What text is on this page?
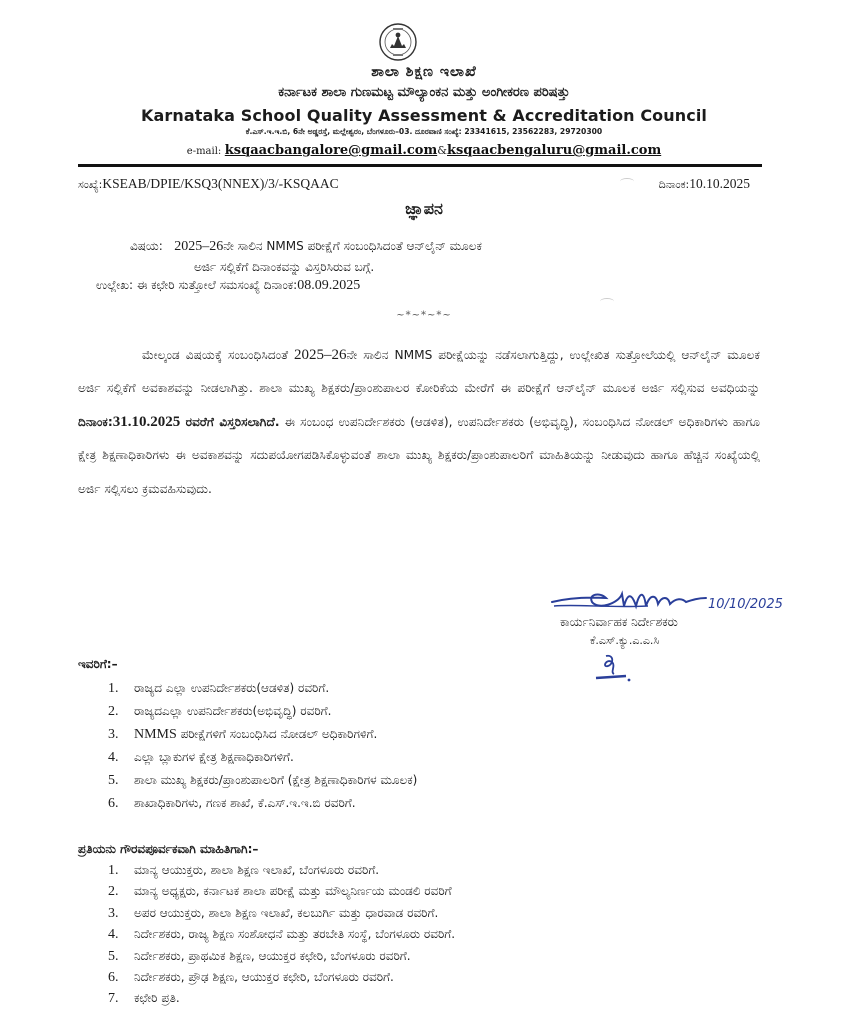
ಶಾಲಾ ಶಿಕ್ಷಣ ಇಲಾಖೆ
ಕರ್ನಾಟಕ ಶಾಲಾ ಗುಣಮಟ್ಟ ಮೌಲ್ಯಾಂಕನ ಮತ್ತು ಅಂಗೀಕರಣ ಪರಿಷತ್ತು
Karnataka School Quality Assessment & Accreditation Council
ಕೆ.ಎಸ್.ಇ.ಇ.ಬಿ, 6ನೇ ಅಡ್ಡರಸ್ತೆ, ಮಲ್ಲೇಶ್ವರಂ, ಬೆಂಗಳೂರು–03. ದೂರವಾಣಿ ಸಂಖ್ಯೆ: 23341615, 23562283, 29720300
e-mail: ksqaacbangalore@gmail.com&ksqaacbengaluru@gmail.com
ಸಂಖ್ಯೆ:KSEAB/DPIE/KSQ3(NNEX)/3/-KSQAAC	ದಿನಾಂಕ:10.10.2025
ಜ್ಞಾಪನ
ವಿಷಯ: 2025–26ನೇ ಸಾಲಿನ NMMS ಪರೀಕ್ಷೆಗೆ ಸಂಬಂಧಿಸಿದಂತೆ ಆನ್‌ಲೈನ್ ಮೂಲಕ
ಅರ್ಜಿ ಸಲ್ಲಿಕೆಗೆ ದಿನಾಂಕವನ್ನು ವಿಸ್ತರಿಸಿರುವ ಬಗ್ಗೆ.
ಉಲ್ಲೇಖ: ಈ ಕಛೇರಿ ಸುತ್ತೋಲೆ ಸಮಸಂಖ್ಯೆ ದಿನಾಂಕ:08.09.2025
~*~*~*~
ಮೇಲ್ಕಂಡ ವಿಷಯಕ್ಕೆ ಸಂಬಂಧಿಸಿದಂತೆ 2025–26ನೇ ಸಾಲಿನ NMMS ಪರೀಕ್ಷೆಯನ್ನು ನಡೆಸಲಾಗುತ್ತಿದ್ದು, ಉಲ್ಲೇಖಿತ ಸುತ್ತೋಲೆಯಲ್ಲಿ ಆನ್‌ಲೈನ್ ಮೂಲಕ ಅರ್ಜಿ ಸಲ್ಲಿಕೆಗೆ ಅವಕಾಶವನ್ನು ನೀಡಲಾಗಿತ್ತು. ಶಾಲಾ ಮುಖ್ಯ ಶಿಕ್ಷಕರು/ಪ್ರಾಂಶುಪಾಲರ ಕೋರಿಕೆಯ ಮೇರೆಗೆ ಈ ಪರೀಕ್ಷೆಗೆ ಆನ್‌ಲೈನ್ ಮೂಲಕ ಅರ್ಜಿ ಸಲ್ಲಿಸುವ ಅವಧಿಯನ್ನು ದಿನಾಂಕ:31.10.2025 ರವರೆಗೆ ವಿಸ್ತರಿಸಲಾಗಿದೆ. ಈ ಸಂಬಂಧ ಉಪನಿರ್ದೇಶಕರು (ಆಡಳಿತ), ಉಪನಿರ್ದೇಶಕರು (ಅಭಿವೃದ್ಧಿ), ಸಂಬಂಧಿಸಿದ ನೋಡಲ್ ಅಧಿಕಾರಿಗಳು ಹಾಗೂ ಕ್ಷೇತ್ರ ಶಿಕ್ಷಣಾಧಿಕಾರಿಗಳು ಈ ಅವಕಾಶವನ್ನು ಸದುಪಯೋಗಪಡಿಸಿಕೊಳ್ಳುವಂತೆ ಶಾಲಾ ಮುಖ್ಯ ಶಿಕ್ಷಕರು/ಪ್ರಾಂಶುಪಾಲರಿಗೆ ಮಾಹಿತಿಯನ್ನು ನೀಡುವುದು ಹಾಗೂ ಹೆಚ್ಚಿನ ಸಂಖ್ಯೆಯಲ್ಲಿ ಅರ್ಜಿ ಸಲ್ಲಿಸಲು ಕ್ರಮವಹಿಸುವುದು.
10/10/2025
ಕಾರ್ಯನಿರ್ವಾಹಕ ನಿರ್ದೇಶಕರು
ಕೆ.ಎಸ್.ಕ್ಯು.ಎ.ಎ.ಸಿ
ಇವರಿಗೆ:–
1. ರಾಜ್ಯದ ಎಲ್ಲಾ ಉಪನಿರ್ದೇಶಕರು(ಆಡಳಿತ) ರವರಿಗೆ.
2. ರಾಜ್ಯದಎಲ್ಲಾ ಉಪನಿರ್ದೇಶಕರು(ಅಭಿವೃದ್ಧಿ) ರವರಿಗೆ.
3. NMMS ಪರೀಕ್ಷೆಗಳಿಗೆ ಸಂಬಂಧಿಸಿದ ನೋಡಲ್ ಅಧಿಕಾರಿಗಳಿಗೆ.
4. ಎಲ್ಲಾ ಬ್ಲಾಕುಗಳ ಕ್ಷೇತ್ರ ಶಿಕ್ಷಣಾಧಿಕಾರಿಗಳಿಗೆ.
5. ಶಾಲಾ ಮುಖ್ಯ ಶಿಕ್ಷಕರು/ಪ್ರಾಂಶುಪಾಲರಿಗೆ (ಕ್ಷೇತ್ರ ಶಿಕ್ಷಣಾಧಿಕಾರಿಗಳ ಮೂಲಕ)
6. ಶಾಖಾಧಿಕಾರಿಗಳು, ಗಣಕ ಶಾಖೆ, ಕೆ.ಎಸ್.ಇ.ಇ.ಬಿ ರವರಿಗೆ.
ಪ್ರತಿಯನು ಗೌರವಪೂರ್ವಕವಾಗಿ ಮಾಹಿತಿಗಾಗಿ:–
1. ಮಾನ್ಯ ಆಯುಕ್ತರು, ಶಾಲಾ ಶಿಕ್ಷಣ ಇಲಾಖೆ, ಬೆಂಗಳೂರು ರವರಿಗೆ.
2. ಮಾನ್ಯ ಅಧ್ಯಕ್ಷರು, ಕರ್ನಾಟಕ ಶಾಲಾ ಪರೀಕ್ಷೆ ಮತ್ತು ಮೌಲ್ಯನಿರ್ಣಯ ಮಂಡಲಿ ರವರಿಗೆ
3. ಅಪರ ಆಯುಕ್ತರು, ಶಾಲಾ ಶಿಕ್ಷಣ ಇಲಾಖೆ, ಕಲಬುರ್ಗಿ ಮತ್ತು ಧಾರವಾಡ ರವರಿಗೆ.
4. ನಿರ್ದೇಶಕರು, ರಾಜ್ಯ ಶಿಕ್ಷಣ ಸಂಶೋಧನೆ ಮತ್ತು ತರಬೇತಿ ಸಂಸ್ಥೆ, ಬೆಂಗಳೂರು ರವರಿಗೆ.
5. ನಿರ್ದೇಶಕರು, ಪ್ರಾಥಮಿಕ ಶಿಕ್ಷಣ, ಆಯುಕ್ತರ ಕಛೇರಿ, ಬೆಂಗಳೂರು ರವರಿಗೆ.
6. ನಿರ್ದೇಶಕರು, ಪ್ರೌಢ ಶಿಕ್ಷಣ, ಆಯುಕ್ತರ ಕಛೇರಿ, ಬೆಂಗಳೂರು ರವರಿಗೆ.
7. ಕಛೇರಿ ಪ್ರತಿ.
